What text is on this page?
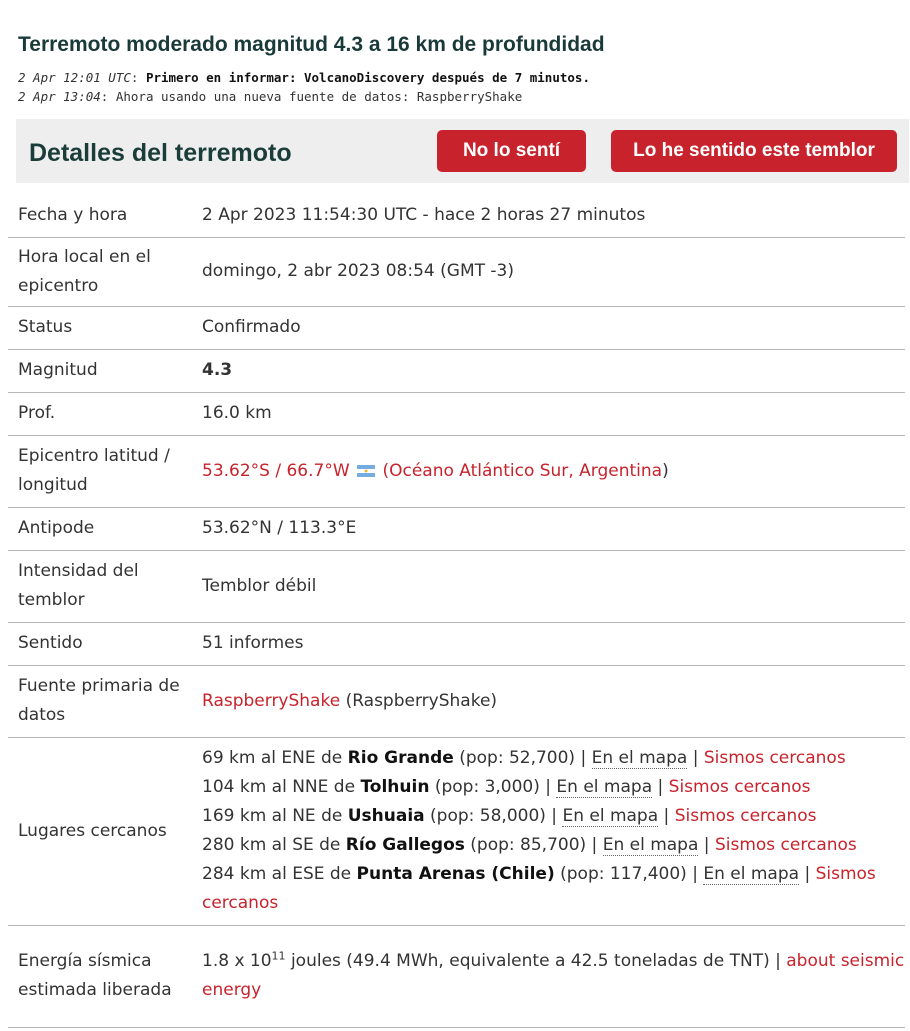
Terremoto moderado magnitud 4.3 a 16 km de profundidad
2 Apr 12:01 UTC: Primero en informar: VolcanoDiscovery después de 7 minutos.
2 Apr 13:04: Ahora usando una nueva fuente de datos: RaspberryShake
Detalles del terremoto	No lo sentí	Lo he sentido este temblor
Fecha y hora	2 Apr 2023 11:54:30 UTC - hace 2 horas 27 minutos
Hora local en el epicentro	domingo, 2 abr 2023 08:54 (GMT -3)
Status	Confirmado
Magnitud	4.3
Prof.	16.0 km
Epicentro latitud / longitud	53.62°S / 66.7°W  (Océano Atlántico Sur, Argentina)
Antipode	53.62°N / 113.3°E
Intensidad del temblor	Temblor débil
Sentido	51 informes
Fuente primaria de datos	RaspberryShake (RaspberryShake)
Lugares cercanos	69 km al ENE de Rio Grande (pop: 52,700) | En el mapa | Sismos cercanos
104 km al NNE de Tolhuin (pop: 3,000) | En el mapa | Sismos cercanos
169 km al NE de Ushuaia (pop: 58,000) | En el mapa | Sismos cercanos
280 km al SE de Río Gallegos (pop: 85,700) | En el mapa | Sismos cercanos
284 km al ESE de Punta Arenas (Chile) (pop: 117,400) | En el mapa | Sismos cercanos

Energía sísmica estimada liberada	1.8 x $10^{11}$ joules (49.4 MWh, equivalente a 42.5 toneladas de TNT) | about seismic energy
